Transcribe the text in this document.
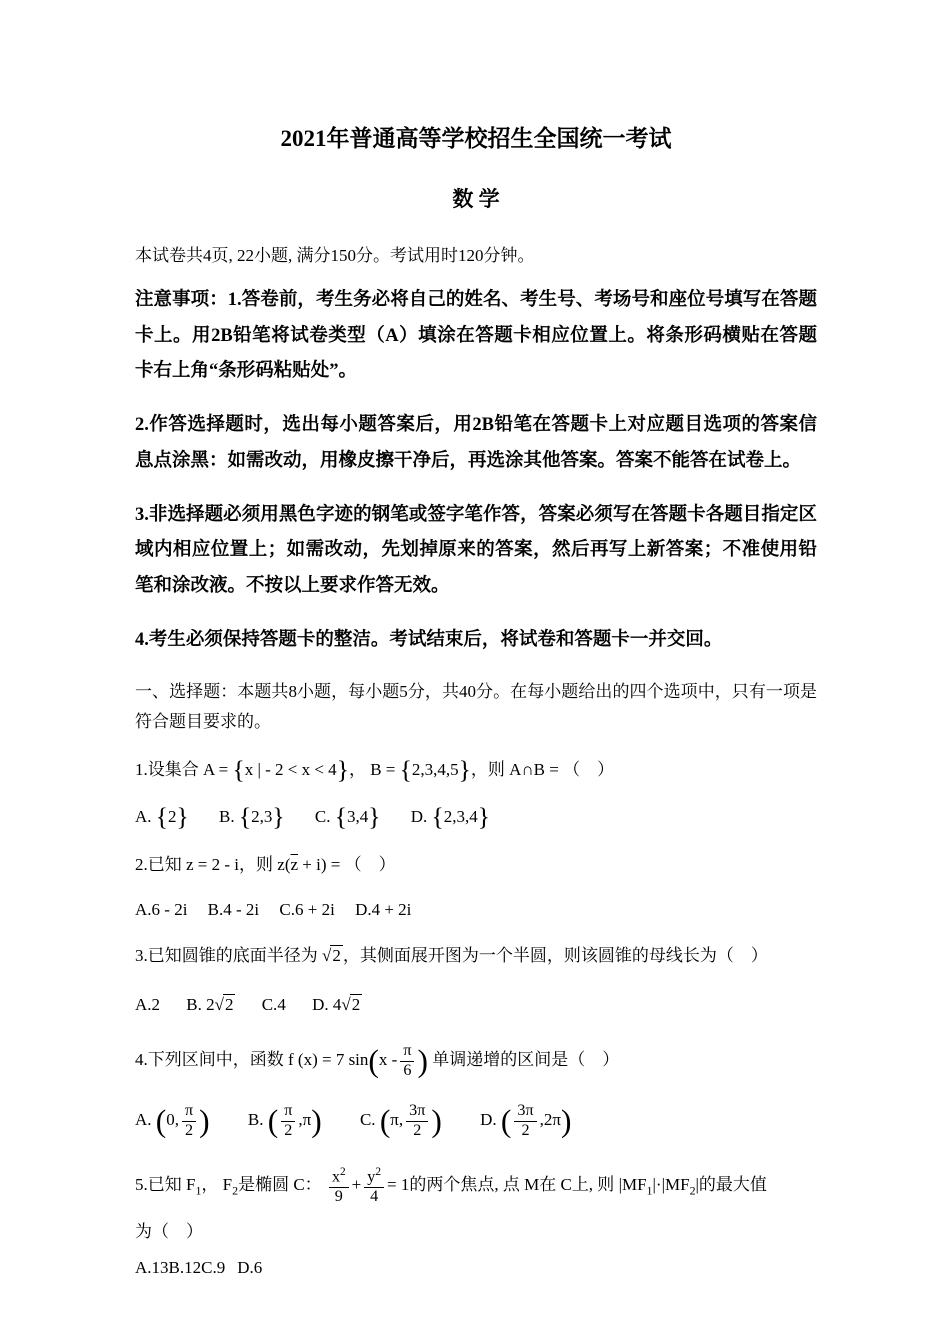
2021年普通高等学校招生全国统一考试
数 学

本试卷共4页, 22小题, 满分150分。考试用时120分钟。

注意事项：1.答卷前，考生务必将自己的姓名、考生号、考场号和座位号填写在答题卡上。用2B铅笔将试卷类型（A）填涂在答题卡相应位置上。将条形码横贴在答题卡右上角“条形码粘贴处”。

2.作答选择题时，选出每小题答案后，用2B铅笔在答题卡上对应题目选项的答案信息点涂黑：如需改动，用橡皮擦干净后，再选涂其他答案。答案不能答在试卷上。

3.非选择题必须用黑色字迹的钢笔或签字笔作答，答案必须写在答题卡各题目指定区域内相应位置上；如需改动，先划掉原来的答案，然后再写上新答案；不准使用铅笔和涂改液。不按以上要求作答无效。

4.考生必须保持答题卡的整洁。考试结束后，将试卷和答题卡一并交回。

一、选择题：本题共8小题，每小题5分，共40分。在每小题给出的四个选项中，只有一项是符合题目要求的。

1.设集合 A = {x | - 2 < x < 4}， B = {2,3,4,5}，则 A∩B = （　）
A. {2} B. {2,3} C. {3,4} D. {2,3,4}
2.已知 z = 2 - i，则 $z(\overline{z} + i)$ = （　）
A.6 - 2i B.4 - 2i C.6 + 2i D.4 + 2i
3.已知圆锥的底面半径为 √2 ，其侧面展开图为一个半圆，则该圆锥的母线长为（　）
A.2 B. 2√2 C.4 D. 4√2
4.下列区间中，函数 f (x) = 7 $\sin(x - \frac{\pi}{6}$ ) 单调递增的区间是（　）
A. (0, $\frac{\pi}{2}$ ) B. ( $\frac{\pi}{2} ,\pi$) C. (π, $\frac{3\pi}{2}$ ) D. ( $\frac{3\pi}{2} ,2\pi$)
5.已知 $F_1$， $F_2$是椭圆 C： $\frac{x^2}{9} + \frac{y^2}{4} = 1$的两个焦点, 点 M在 C上, 则 $|MF_1|\cdot|MF_2|$的最大值
为（　）
A.13B.12C.9 D.6
